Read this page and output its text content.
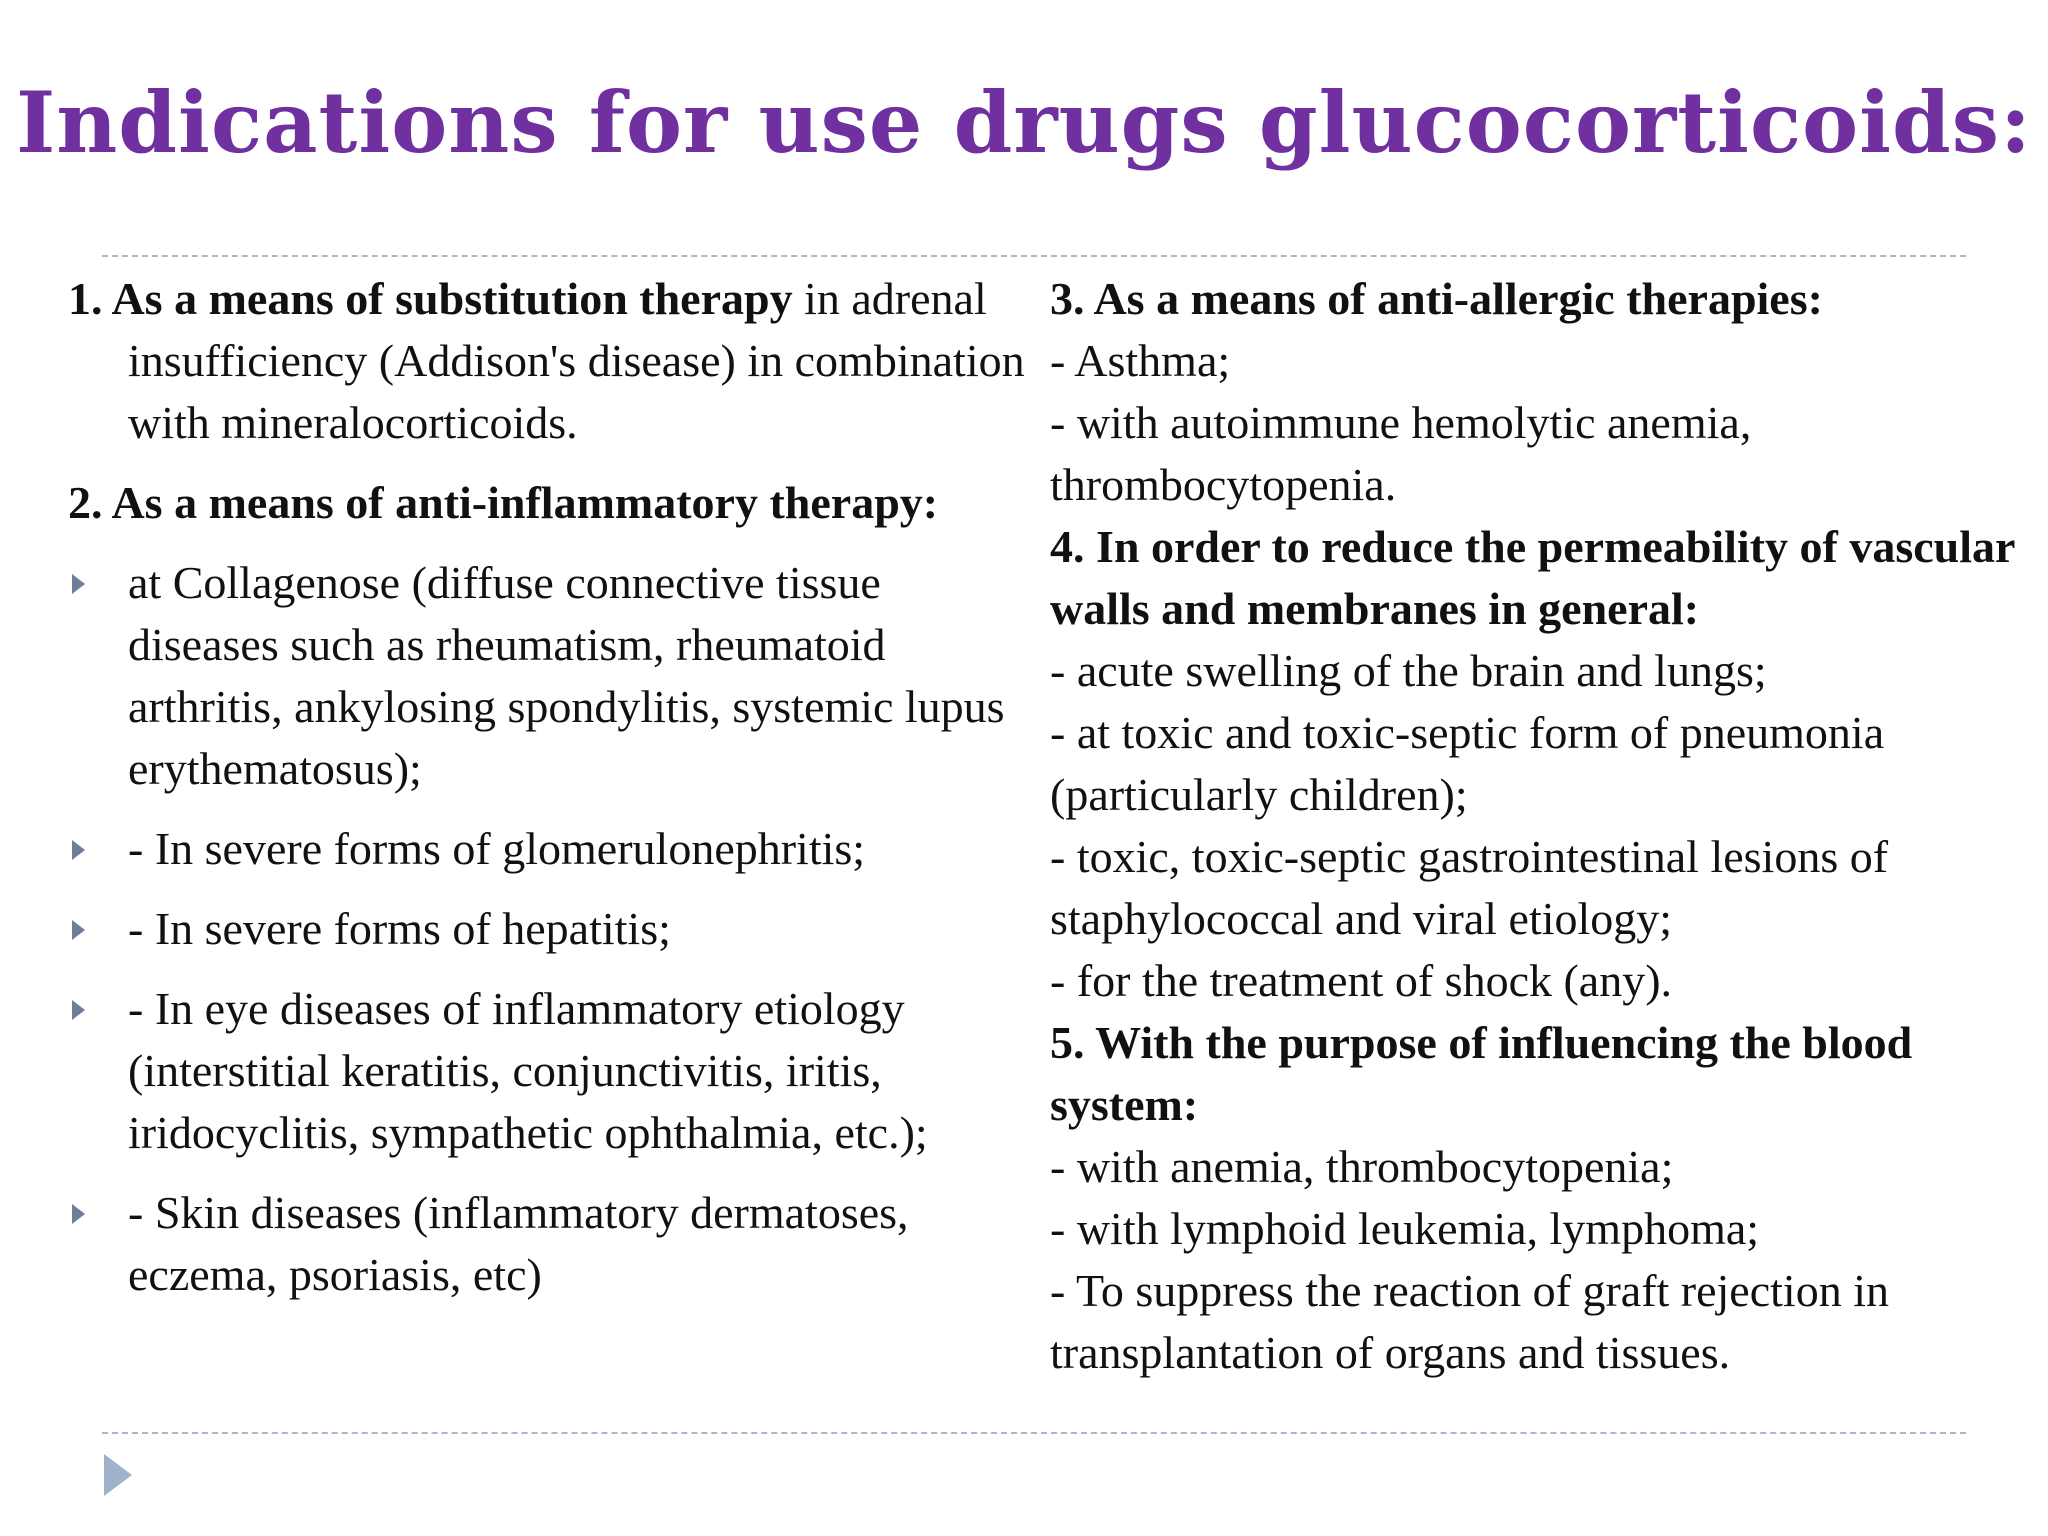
Indications for use drugs glucocorticoids:

1. As a means of substitution therapy in adrenal insufficiency (Addison's disease) in combination with mineralocorticoids.

2. As a means of anti-inflammatory therapy:

at Collagenose (diffuse connective tissue diseases such as rheumatism, rheumatoid arthritis, ankylosing spondylitis, systemic lupus erythematosus);
- In severe forms of glomerulonephritis;
- In severe forms of hepatitis;
- In eye diseases of inflammatory etiology (interstitial keratitis, conjunctivitis, iritis, iridocyclitis, sympathetic ophthalmia, etc.);
- Skin diseases (inflammatory dermatoses, eczema, psoriasis, etc)

3. As a means of anti-allergic therapies:

- Asthma;

- with autoimmune hemolytic anemia, thrombocytopenia.

4. In order to reduce the permeability of vascular walls and membranes in general:

- acute swelling of the brain and lungs;

- at toxic and toxic-septic form of pneumonia (particularly children);

- toxic, toxic-septic gastrointestinal lesions of staphylococcal and viral etiology;

- for the treatment of shock (any).

5. With the purpose of influencing the blood system:

- with anemia, thrombocytopenia;

- with lymphoid leukemia, lymphoma;

- To suppress the reaction of graft rejection in transplantation of organs and tissues.
